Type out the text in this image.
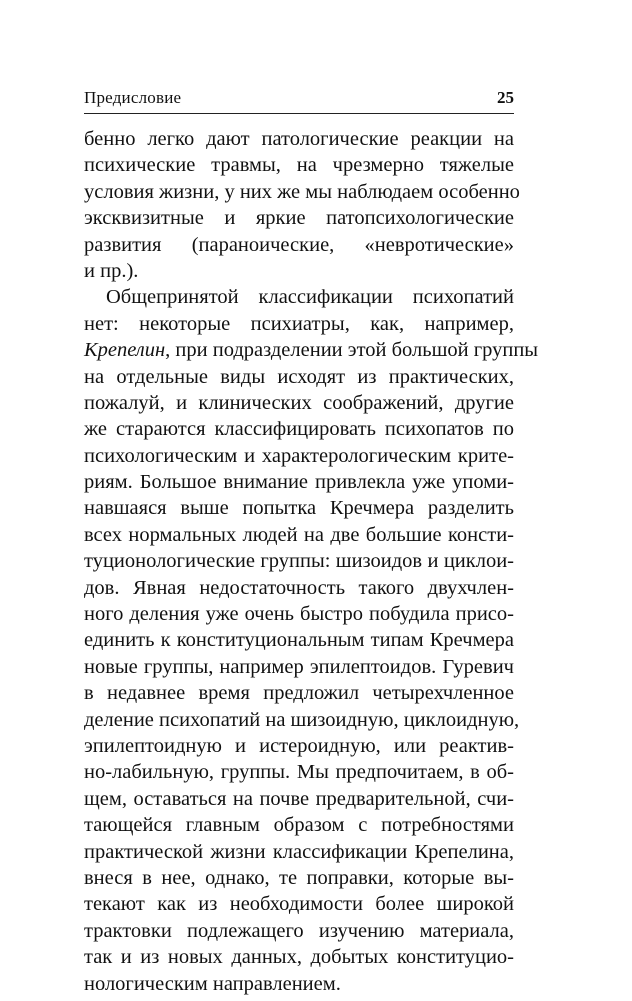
Предисловие	25
бенно легко дают патологические реакции на
психические травмы, на чрезмерно тяжелые
условия жизни, у них же мы наблюдаем особенно
эксквизитные и яркие патопсихологические
развития (параноические, «невротические»
и пр.).
Общепринятой классификации психопатий
нет: некоторые психиатры, как, например,
Крепелин, при подразделении этой большой группы
на отдельные виды исходят из практических,
пожалуй, и клинических соображений, другие
же стараются классифицировать психопатов по
психологическим и характерологическим крите-
риям. Большое внимание привлекла уже упоми-
навшаяся выше попытка Кречмера разделить
всех нормальных людей на две большие консти-
туционологические группы: шизоидов и циклои-
дов. Явная недостаточность такого двухчлен-
ного деления уже очень быстро побудила присо-
единить к конституциональным типам Кречмера
новые группы, например эпилептоидов. Гуревич
в недавнее время предложил четырехчленное
деление психопатий на шизоидную, циклоидную,
эпилептоидную и истероидную, или реактив-
но-лабильную, группы. Мы предпочитаем, в об-
щем, оставаться на почве предварительной, счи-
тающейся главным образом с потребностями
практической жизни классификации Крепелина,
внеся в нее, однако, те поправки, которые вы-
текают как из необходимости более широкой
трактовки подлежащего изучению материала,
так и из новых данных, добытых конституцио-
нологическим направлением.
